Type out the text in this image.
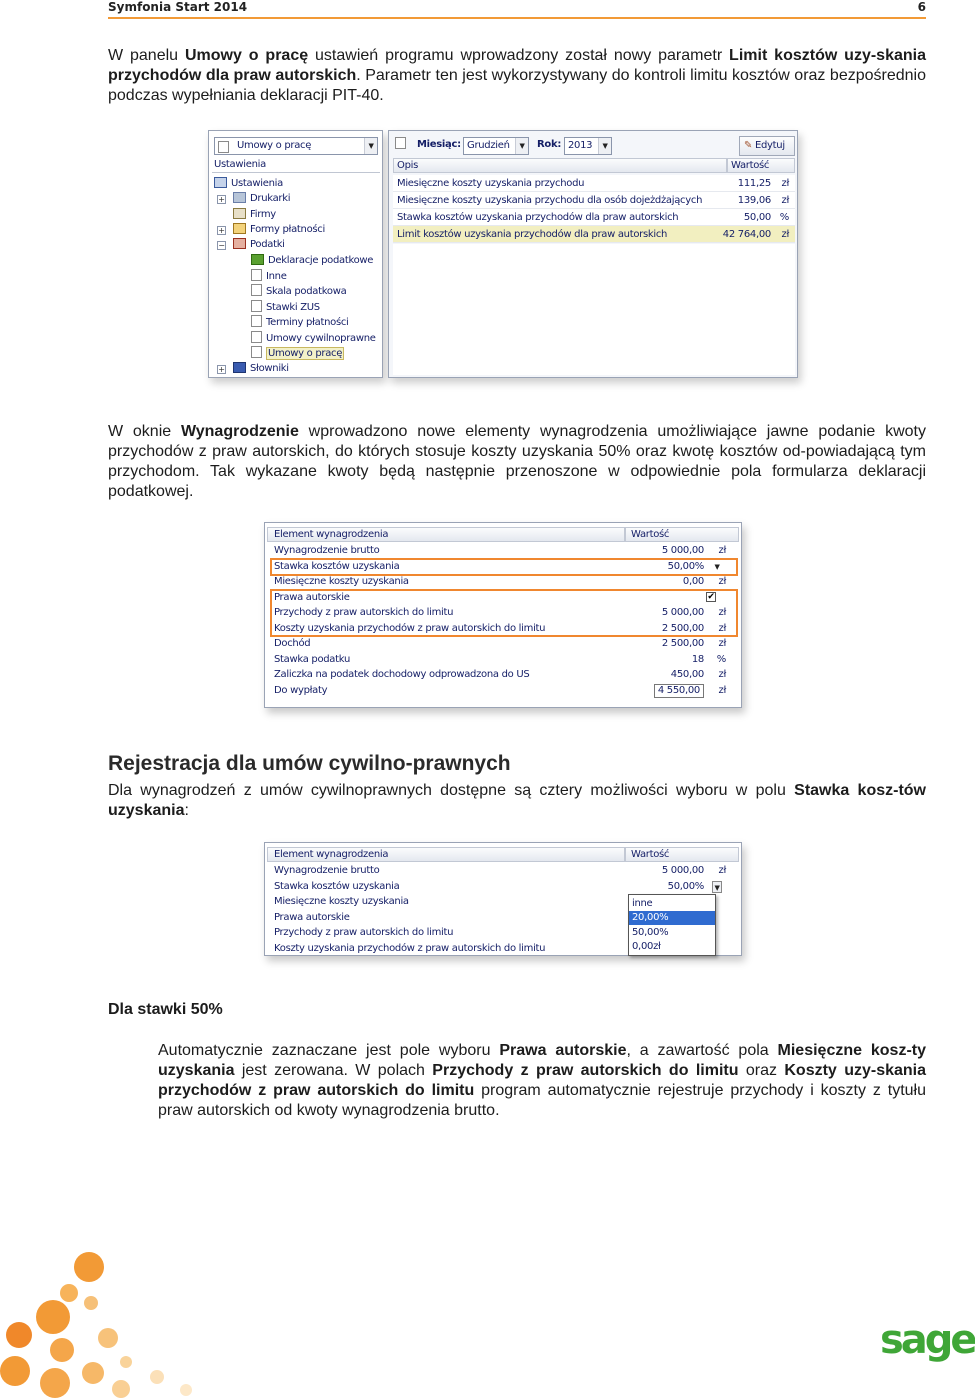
Symfonia Start 2014	6
W panelu Umowy o pracę ustawień programu wprowadzony został nowy parametr Limit kosztów uzy-skania przychodów dla praw autorskich. Parametr ten jest wykorzystywany do kontroli limitu kosztów oraz bezpośrednio podczas wypełniania deklaracji PIT-40.
Umowy o pracę	▼
Ustawienia
Ustawienia
+	Drukarki
Firmy
+	Formy płatności
−	Podatki
Deklaracje podatkowe
Inne
Skala podatkowa
Stawki ZUS
Terminy płatności
Umowy cywilnoprawne
Umowy o pracę
+	Słowniki
Miesiąc: Grudzień	▼	Rok: 2013	▼	✎ Edytuj
Opis	Wartość
Miesięczne koszty uzyskania przychodu	111,25 zł
Miesięczne koszty uzyskania przychodu dla osób dojeżdżających	139,06 zł
Stawka kosztów uzyskania przychodów dla praw autorskich	50,00 %
Limit kosztów uzyskania przychodów dla praw autorskich	42 764,00 zł
W oknie Wynagrodzenie wprowadzono nowe elementy wynagrodzenia umożliwiające jawne podanie kwoty przychodów z praw autorskich, do których stosuje koszty uzyskania 50% oraz kwotę kosztów od-powiadającą tym przychodom. Tak wykazane kwoty będą następnie przenoszone w odpowiednie pola formularza deklaracji podatkowej.
Element wynagrodzenia	Wartość
Wynagrodzenie brutto	5 000,00 zł
Stawka kosztów uzyskania	50,00%	▼
Miesięczne koszty uzyskania	0,00 zł
Prawa autorskie	✔
Przychody z praw autorskich do limitu	5 000,00 zł
Koszty uzyskania przychodów z praw autorskich do limitu	2 500,00 zł
Dochód	2 500,00 zł
Stawka podatku	18 %
Zaliczka na podatek dochodowy odprowadzona do US	450,00 zł
Do wypłaty	4 550,00	zł
Rejestracja dla umów cywilno-prawnych
Dla wynagrodzeń z umów cywilnoprawnych dostępne są cztery możliwości wyboru w polu Stawka kosz-tów uzyskania:
Element wynagrodzenia	Wartość
Wynagrodzenie brutto	5 000,00 zł
Stawka kosztów uzyskania	50,00%	▼
Miesięczne koszty uzyskania
Prawa autorskie
Przychody z praw autorskich do limitu
Koszty uzyskania przychodów z praw autorskich do limitu
inne
20,00%
50,00%
0,00zł
Dla stawki 50%
Automatycznie zaznaczane jest pole wyboru Prawa autorskie, a zawartość pola Miesięczne kosz-ty uzyskania jest zerowana. W polach Przychody z praw autorskich do limitu oraz Koszty uzy-skania przychodów z praw autorskich do limitu program automatycznie rejestruje przychody i koszty z tytułu praw autorskich od kwoty wynagrodzenia brutto.
sage
